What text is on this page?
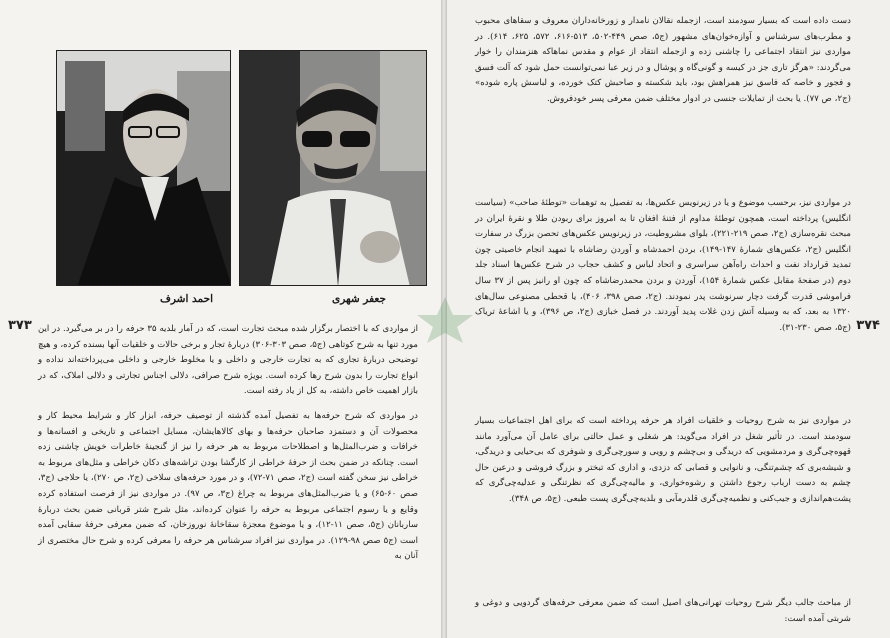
احمد اشرف	جعفر شهری
۳۷۳ از مواردی که با اختصار برگزار شده مبحث تجارت است، که در آمار بلدیه ۳۵ حرفه را در بر می‌گیرد. در این مورد تنها به شرح کوتاهی (ج۵، صص ۳۰۳-۳۰۶) دربارهٔ تجار و برخی حالات و خلقیات آنها بسنده کرده، و هیچ توضیحی دربارهٔ تجاری که به تجارت خارجی و داخلی و یا مخلوط خارجی و داخلی می‌پرداخته‌اند نداده و انواع تجارت را بدون شرح رها کرده است. بویژه شرح صرافی، دلالی اجناس تجارتی و دلالی املاک، که در بازار اهمیت خاص داشته، به کل از یاد رفته است.

در مواردی که شرح حرفه‌ها به تفصیل آمده گذشته از توصیف حرفه، ابزار کار و شرایط محیط کار و محصولات آن و دستمزد صاحبان حرفه‌ها و بهای کالاهایشان، مسایل اجتماعی و تاریخی و افسانه‌ها و خرافات و ضرب‌المثل‌ها و اصطلاحات مربوط به هر حرفه را نیز از گنجینهٔ خاطرات خویش چاشنی زده است. چنانکه در ضمن بحث از حرفهٔ خراطی از کارگشا بودن تراشه‌های دکان خراطی و مثل‌های مربوط به خراطی نیز سخن گفته است (ج۲، صص ۷۱-۷۲)، و در مورد حرفه‌های سلاخی (ج۲، ص ۲۷۰)، یا حلاجی (ج۳، صص ۶۰-۶۵) و یا ضرب‌المثل‌های مربوط به چراغ (ج۳، ص ۹۷). در مواردی نیز از فرصت استفاده کرده وقایع و یا رسوم اجتماعی مربوط به حرفه را عنوان کرده‌اند، مثل شرح شتر قربانی ضمن بحث دربارهٔ ساربانان (ج۵، صص ۱۱-۱۲)، و یا موضوع معجزهٔ سقاخانهٔ نوروزخان، که ضمن معرفی حرفهٔ سقایی آمده است (ج۵ صص ۹۸-۱۲۹). در مواردی نیز افراد سرشناس هر حرفه را معرفی کرده و شرح حال مختصری از آنان به

۳۷۴

دست داده است که بسیار سودمند است، ازجمله نقالان نامدار و زورخانه‌داران معروف و سقاهای محبوب و مطرب‌های سرشناس و آوازه‌خوان‌های مشهور (ج۵، صص ۴۴۹-۵۰۲، ۵۱۳-۶۱۶، ۵۷۲، ۶۲۵، ۶۱۴). در مواردی نیز انتقاد اجتماعی را چاشنی زده و ازجمله انتقاد از عوام و مقدس نماهاکه هنزمندان را خوار می‌گردند: «هرگز تاری جز در کیسه و گونی‌گاه و پوشال و در زیر عبا نمی‌توانست حمل شود که آلت فسق و فجور و خاصه که فاسق نیز همراهش بود، باید شکسته و صاحبش کتک خورده، و لباسش پاره شوده» (ج۲، ص ۷۷). یا بحث از تمایلات جنسی در ادوار مختلف ضمن معرفی پسر خودفروش.

در مواردی نیز، برحسب موضوع و یا در زیرنویس عکس‌ها، به تفصیل به توهمات «توطئهٔ صاحب» (سیاست انگلیس) پرداخته است، همچون توطئهٔ مداوم از فتنهٔ افغان تا به امروز برای ربودن طلا و نقرهٔ ایران در مبحث نقره‌سازی (ج۲، صص ۲۱۹-۲۲۱)، بلوای مشروطیت، در زیرنویس عکس‌های تحصن بزرگ در سفارت انگلیس (ج۲، عکس‌های شمارهٔ ۱۴۷-۱۴۹)، بردن احمدشاه و آوردن رضاشاه با تمهید انجام خاصیتی چون تمدید قرارداد نفت و احداث راه‌آهن سراسری و اتحاد لباس و کشف حجاب در شرح عکس‌ها اسناد جلد دوم (در صفحهٔ مقابل عکس شمارهٔ ۱۵۴)، آوردن و بردن محمدرضاشاه که چون او رانیز پس از ۳۷ سال فراموشی قدرت گرفت دچار سرنوشت پدر نمودند. (ج۲، صص ۳۹۸، ۴۰۶)، یا قحطی مصنوعی سال‌های ۱۳۲۰ به بعد، که به وسیله آتش زدن غلات پدید آوردند. در فصل خبازی (ج۲، ص ۳۹۶)، و یا اشاعهٔ تریاک (ج۵، صص ۲۳۰-۳۱).

در مواردی نیز به شرح روحیات و خلقیات افراد هر حرفه پرداخته است که برای اهل اجتماعیات بسیار سودمند است. در تأثیر شغل در افراد می‌گوید: هر شغلی و عمل حالتی برای عامل آن می‌آورد مانند قهوه‌چی‌گری و مردمشویی که دریدگی و بی‌چشم و رویی و سورچی‌گری و شوفری که بی‌حیایی و دریدگی، و شیشه‌بری که چشم‌تنگی، و نانوایی و قصابی که دزدی، و اداری که تبختر و بزرگ فروشی و درعین حال چشم به دست ارباب رجوع داشتن و رشوه‌خواری، و مالیه‌چی‌گری که نظرتنگی و عدلیه‌چی‌گری که پشت‌هم‌اندازی و جیب‌کنی و نظمیه‌چی‌گری قلدرمآبی و بلدیه‌چی‌گری پست طبعی. (ج۵، ص ۳۴۸).

از مباحث جالب دیگر شرح روحیات تهرانی‌های اصیل است که ضمن معرفی حرفه‌های گردویی و دوغی و شربتی آمده است:
